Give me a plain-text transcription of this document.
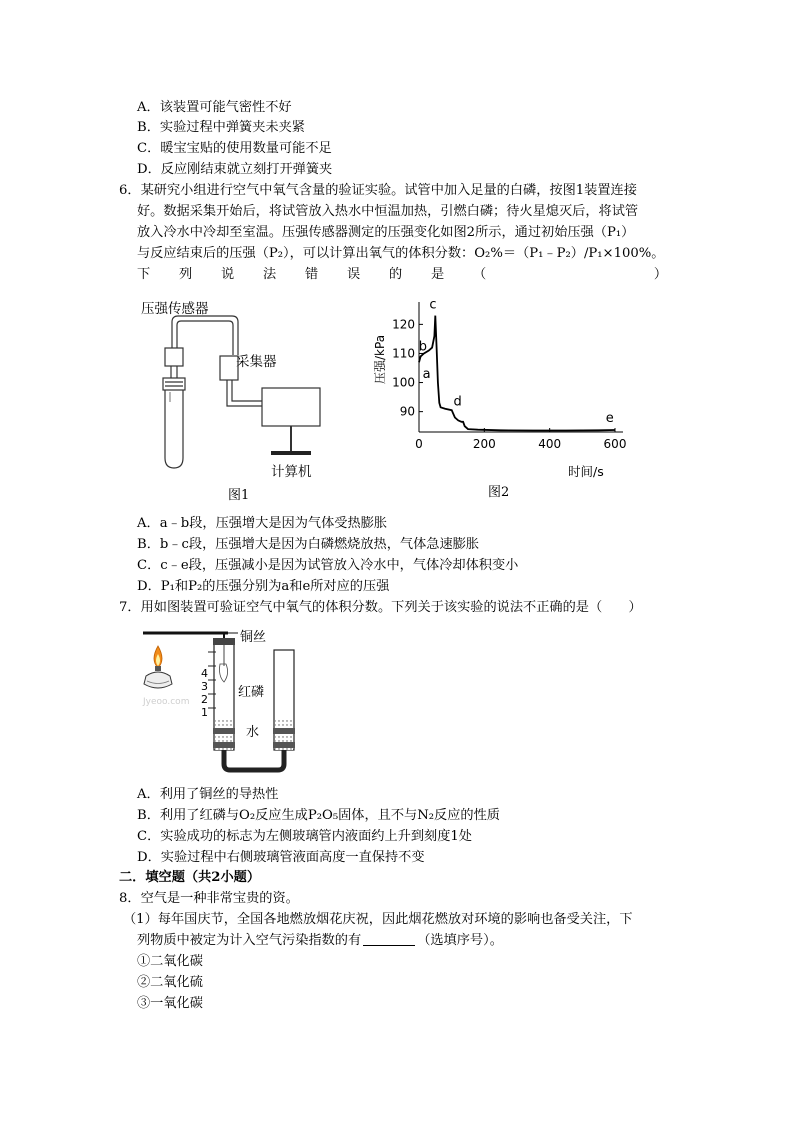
A．该装置可能气密性不好
B．实验过程中弹簧夹未夹紧
C．暖宝宝贴的使用数量可能不足
D．反应刚结束就立刻打开弹簧夹
6．某研究小组进行空气中氧气含量的验证实验。试管中加入足量的白磷，按图1装置连接
好。数据采集开始后，将试管放入热水中恒温加热，引燃白磷；待火星熄灭后，将试管
放入冷水中冷却至室温。压强传感器测定的压强变化如图2所示，通过初始压强（P₁）
与反应结束后的压强（P₂），可以计算出氧气的体积分数：O₂%＝（P₁﹣P₂）/P₁×100%。
下 列 说 法 错 误 的 是 （	）
压强传感器
采集器
计算机
图1
压强/kPa
0	200	400	600
90
100
110
120
a
b
c
d
e
时间/s
图2
A．a﹣b段，压强增大是因为气体受热膨胀
B．b﹣c段，压强增大是因为白磷燃烧放热，气体急速膨胀
C．c﹣e段，压强减小是因为试管放入冷水中，气体冷却体积变小
D．P₁和P₂的压强分别为a和e所对应的压强
7．用如图装置可验证空气中氧气的体积分数。下列关于该实验的说法不正确的是（　　）
铜丝
红磷
水
4
3
2
1
Jyeoo.com
A．利用了铜丝的导热性
B．利用了红磷与O₂反应生成P₂O₅固体，且不与N₂反应的性质
C．实验成功的标志为左侧玻璃管内液面约上升到刻度1处
D．实验过程中右侧玻璃管液面高度一直保持不变
二．填空题（共2小题）
8．空气是一种非常宝贵的资。
（1）每年国庆节，全国各地燃放烟花庆祝，因此烟花燃放对环境的影响也备受关注，下
列物质中被定为计入空气污染指数的有	（选填序号）。
①二氧化碳
②二氧化硫
③一氧化碳
